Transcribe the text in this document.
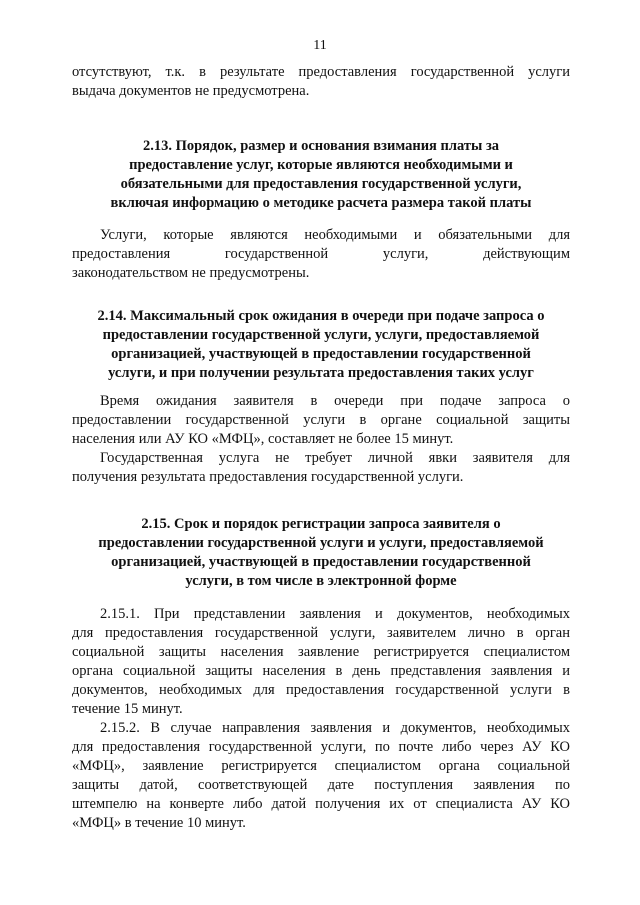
11
отсутствуют, т.к. в результате предоставления государственной услуги
выдача документов не предусмотрена.
2.13. Порядок, размер и основания взимания платы за
предоставление услуг, которые являются необходимыми и
обязательными для предоставления государственной услуги,
включая информацию о методике расчета размера такой платы
Услуги, которые являются необходимыми и обязательными для
предоставления государственной услуги, действующим
законодательством не предусмотрены.
2.14. Максимальный срок ожидания в очереди при подаче запроса о
предоставлении государственной услуги, услуги, предоставляемой
организацией, участвующей в предоставлении государственной
услуги, и при получении результата предоставления таких услуг
Время ожидания заявителя в очереди при подаче запроса о
предоставлении государственной услуги в органе социальной защиты
населения или АУ КО «МФЦ», составляет не более 15 минут.
Государственная услуга не требует личной явки заявителя для
получения результата предоставления государственной услуги.
2.15. Срок и порядок регистрации запроса заявителя о
предоставлении государственной услуги и услуги, предоставляемой
организацией, участвующей в предоставлении государственной
услуги, в том числе в электронной форме
2.15.1. При представлении заявления и документов, необходимых
для предоставления государственной услуги, заявителем лично в орган
социальной защиты населения заявление регистрируется специалистом
органа социальной защиты населения в день представления заявления и
документов, необходимых для предоставления государственной услуги в
течение 15 минут.
2.15.2. В случае направления заявления и документов, необходимых
для предоставления государственной услуги, по почте либо через АУ КО
«МФЦ», заявление регистрируется специалистом органа социальной
защиты датой, соответствующей дате поступления заявления по
штемпелю на конверте либо датой получения их от специалиста АУ КО
«МФЦ» в течение 10 минут.
